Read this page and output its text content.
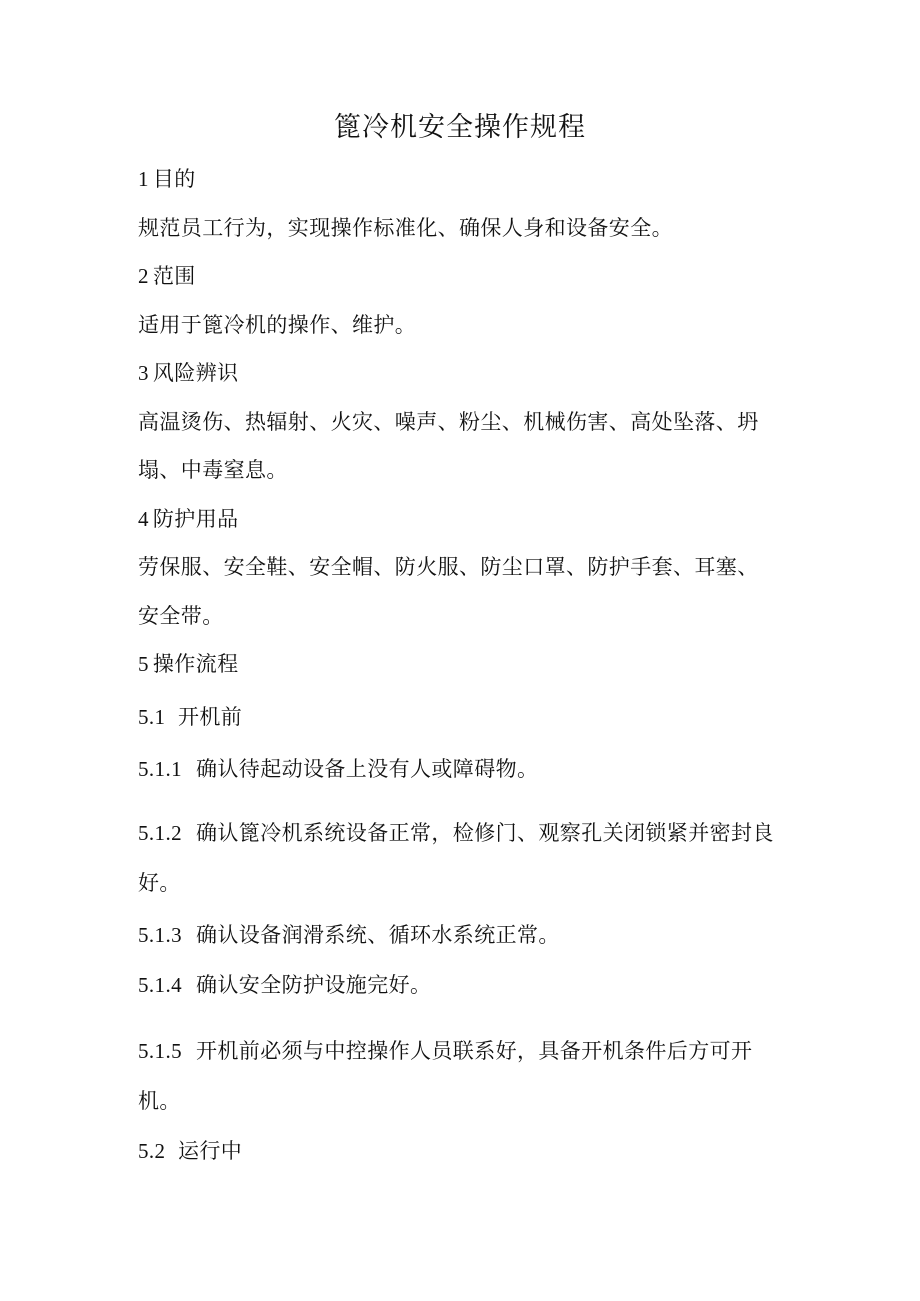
篦冷机安全操作规程
1 目的
规范员工行为，实现操作标准化、确保人身和设备安全。
2 范围
适用于篦冷机的操作、维护。
3 风险辨识
高温烫伤、热辐射、火灾、噪声、粉尘、机械伤害、高处坠落、坍
塌、中毒窒息。
4 防护用品
劳保服、安全鞋、安全帽、防火服、防尘口罩、防护手套、耳塞、
安全带。
5 操作流程
5.1 开机前
5.1.1 确认待起动设备上没有人或障碍物。
5.1.2 确认篦冷机系统设备正常，检修门、观察孔关闭锁紧并密封良
好。
5.1.3 确认设备润滑系统、循环水系统正常。
5.1.4 确认安全防护设施完好。
5.1.5 开机前必须与中控操作人员联系好，具备开机条件后方可开
机。
5.2 运行中
